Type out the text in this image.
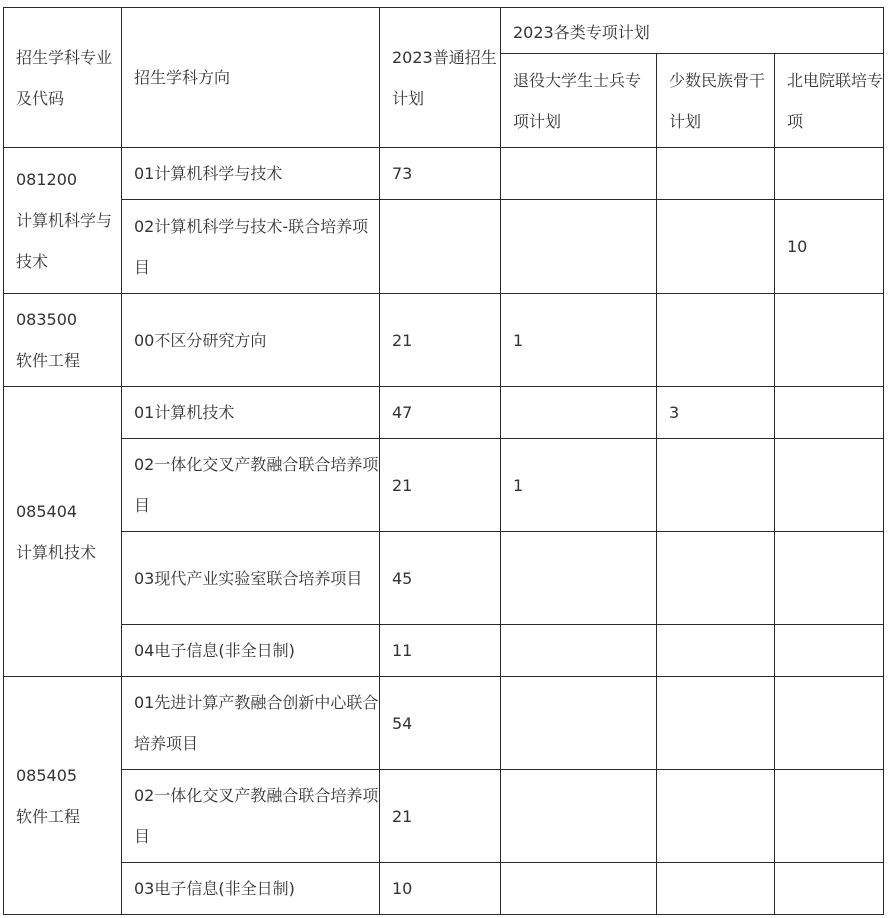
招生学科专业及代码	招生学科方向	2023普通招生计划	2023各类专项计划		

			退役大学生士兵专项计划	少数民族骨干计划	北电院联培专项

081200
计算机科学与技术	01计算机科学与技术	73			

	02计算机科学与技术-联合培养项目				10

083500
软件工程	00不区分研究方向	21	1		

085404
计算机技术	01计算机技术	47		3	

	02一体化交叉产教融合联合培养项目	21	1		

	03现代产业实验室联合培养项目	45			

	04电子信息(非全日制)	11			

085405
软件工程	01先进计算产教融合创新中心联合培养项目	54			

	02一体化交叉产教融合联合培养项目	21			

	03电子信息(非全日制)	10			
